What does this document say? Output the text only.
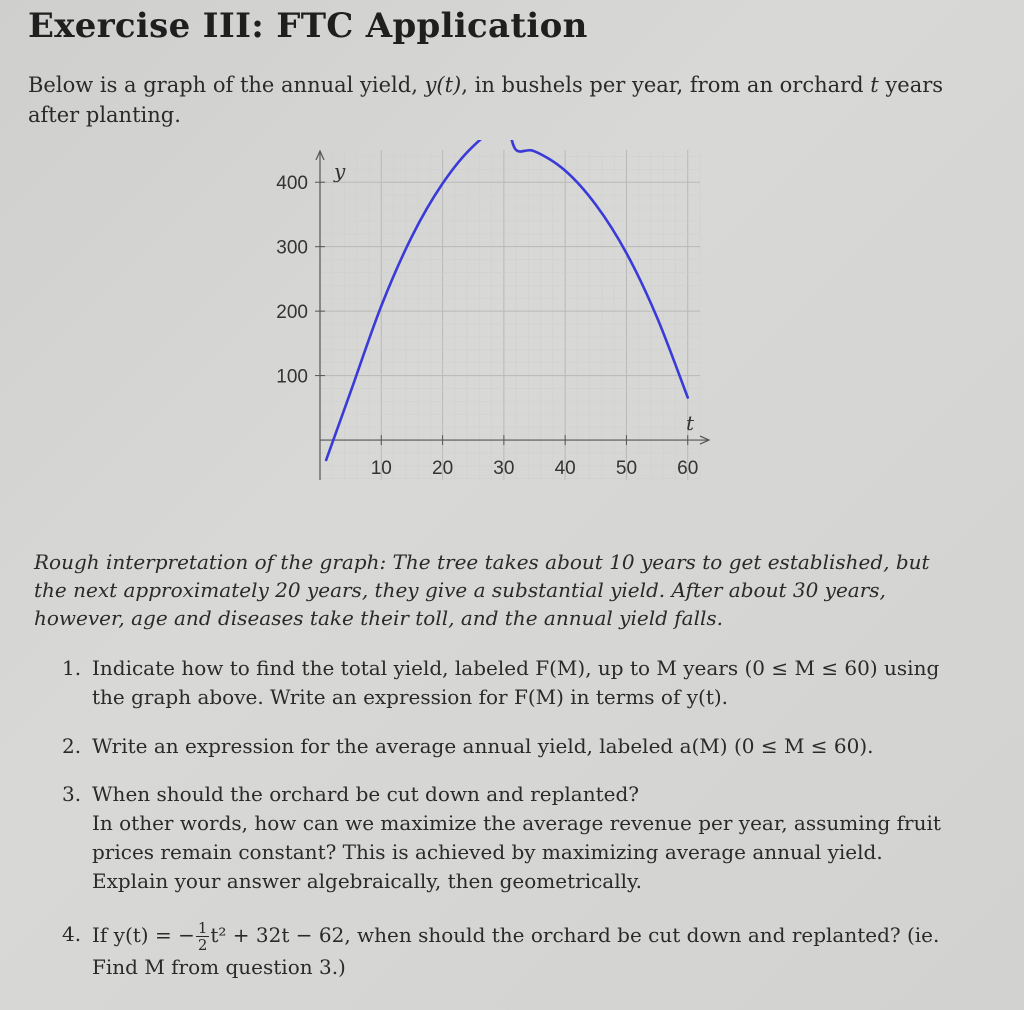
Exercise III: FTC Application
Below is a graph of the annual yield, y(t), in bushels per year, from an orchard t years after planting.
y
t
100
200
300
400
10 20 30 40 50 60

Rough interpretation of the graph: The tree takes about 10 years to get established, but the next approximately 20 years, they give a substantial yield. After about 30 years, however, age and diseases take their toll, and the annual yield falls.

1. Indicate how to find the total yield, labeled F(M), up to M years (0 ≤ M ≤ 60) using the graph above. Write an expression for F(M) in terms of y(t).
2. Write an expression for the average annual yield, labeled a(M) (0 ≤ M ≤ 60).
3. When should the orchard be cut down and replanted?
In other words, how can we maximize the average revenue per year, assuming fruit prices remain constant? This is achieved by maximizing average annual yield. Explain your answer algebraically, then geometrically.
4. If y(t) = − $\frac{1}{2} t^2 + 32t - 62$, when should the orchard be cut down and replanted? (ie. Find M from question 3.)
